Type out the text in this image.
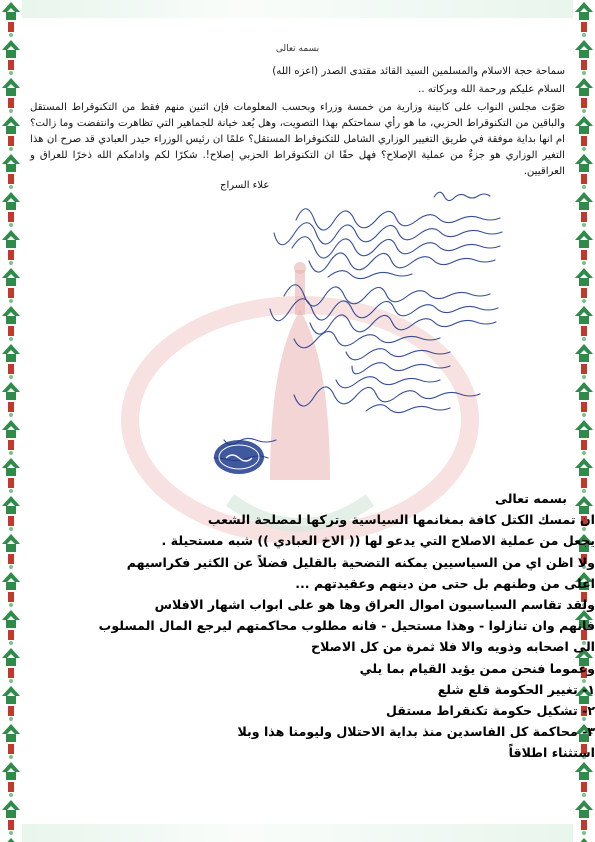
بسمه تعالى
سماحة حجة الاسلام والمسلمين السيد القائد مقتدى الصدر (اعزه الله)
السلام عليكم ورحمة الله وبركاته ..
صَوّت مجلس النواب على كابينة وزارية من خمسة وزراء وبحسب المعلومات فإن اثنين منهم فقط من التكنوقراط المستقل والباقين من التكنوقراط الحزبي، ما هو رأي سماحتكم بهذا التصويت، وهل يُعد خيانة للجماهير التي تظاهرت وانتفضت وما زالت؟ ام انها بداية موفقة في طريق التغيير الوزاري الشامل للتكنوقراط المستقل؟ علمًا ان رئيس الوزراء حيدر العبادي قد صرح ان هذا التغير الوزاري هو جزءٌ من عملية الإصلاح؟ فهل حقًا ان التكنوقراط الحزبي إصلاح!. شكرًا لكم وادامكم الله ذخرًا للعراق و العراقيين.
علاء السراج
بسمه تعالى
ان تمسك الكتل كافة بمغانمها السياسية وتركها لمصلحة الشعب
يجعل من عملية الاصلاح التي يدعو لها (( الاخ العبادي )) شبه مستحيلة .
ولا اظن اي من السياسيين يمكنه التضحية بالقليل فضلاً عن الكثير فكراسيهم
اعلى من وطنهم بل حتى من دينهم وعقيدتهم ...
ولقد تقاسم السياسيون اموال العراق وها هو على ابواب اشهار الافلاس
فانهم وان تنازلوا - وهذا مستحيل - فانه مطلوب محاكمتهم ليرجع المال المسلوب
الى اصحابه وذويه والا فلا ثمرة من كل الاصلاح
وعموما فنحن ممن يؤيد القيام بما يلي
١- تغيير الحكومة قلع شلع
٢- تشكيل حكومة تكنقراط مستقل
٣- محاكمة كل الفاسدين منذ بداية الاحتلال وليومنا هذا وبلا
استثناء اطلاقاً
